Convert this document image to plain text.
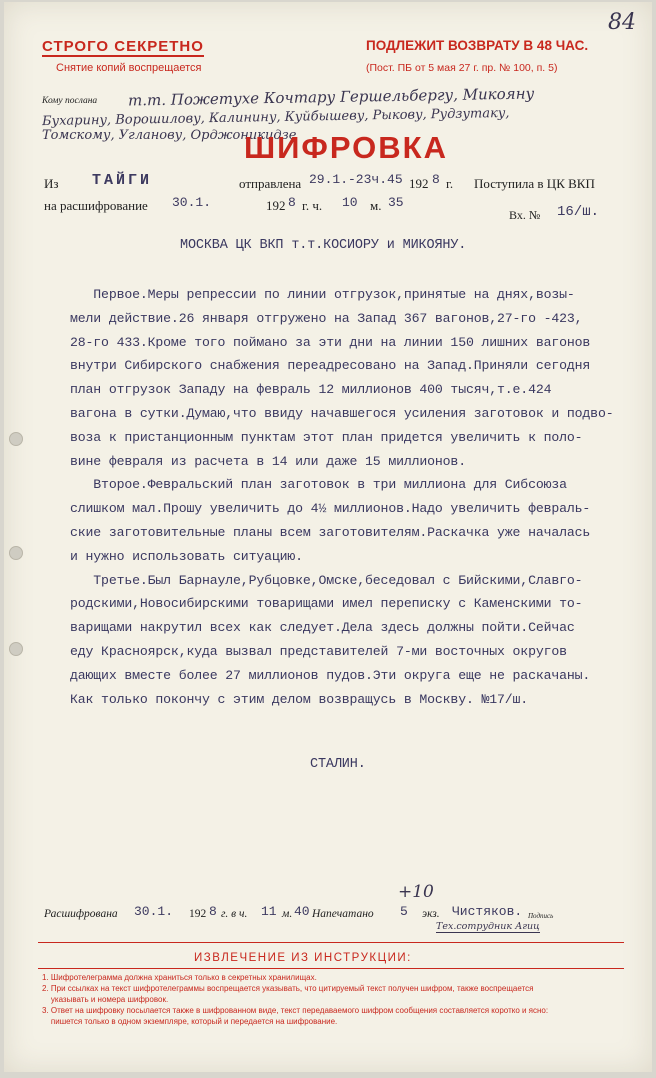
СТРОГО СЕКРЕТНО
Снятие копий воспрещается
ПОДЛЕЖИТ ВОЗВРАТУ В 48 ЧАС.
(Пост. ПБ от 5 мая 27 г. пр. № 100, п. 5)
84
Кому послана т.т. Пожетухе Кочтару Гершельбергу, Микояну
Бухарину, Ворошилову, Калинину, Куйбышеву, Рыкову, Рудзутаку,
Томскому, Угланову, Орджоникидзе
ШИФРОВКА
Из ТАЙГИ	отправлена 29.1.-23ч.45 192 8 г. Поступила в ЦК ВКП
на расшифрование 30.1.	192 8 г. ч. 10 м. 35
Вх. № 16/ш.
МОСКВА ЦК ВКП т.т.КОСИОРУ и МИКОЯНУ.
Первое.Меры репрессии по линии отгрузок,принятые на днях,возы-
мели действие.26 января отгружено на Запад 367 вагонов,27-го -423,
28-го 433.Кроме того поймано за эти дни на линии 150 лишних вагонов
внутри Сибирского снабжения переадресовано на Запад.Приняли сегодня
план отгрузок Западу на февраль 12 миллионов 400 тысяч,т.е.424
вагона в сутки.Думаю,что ввиду начавшегося усиления заготовок и подво-
воза к пристанционным пунктам этот план придется увеличить к поло-
вине февраля из расчета в 14 или даже 15 миллионов.
Второе.Февральский план заготовок в три миллиона для Сибсоюза
слишком мал.Прошу увеличить до 4½ миллионов.Надо увеличить феврaль-
ские заготовительные планы всем заготовителям.Раскачка уже началась
и нужно использовать ситуацию.
Третье.Был Барнауле,Рубцовке,Омске,беседовал с Бийскими,Славго-
родскими,Новосибирскими товарищами имел переписку с Каменскими то-
варищами накрутил всех как следует.Дела здесь должны пойти.Сейчас
еду Красноярск,куда вызвал представителей 7-ми восточных округов
дающих вместе более 27 миллионов пудов.Эти округа еще не раскачаны.
Как только покончу с этим делом возвращусь в Москву. №17/ш.
СТАЛИН.
Расшифрована 30.1. 192 8 г. в ч. 11 м. 40 Напечатано
+10
5 экз. Чистяков. Подпись
Тех.сотрудник Агиц
ИЗВЛЕЧЕНИЕ ИЗ ИНСТРУКЦИИ:
1. Шифротелеграмма должна храниться только в секретных хранилищах.
2. При ссылках на текст шифротелеграммы воспрещается указывать, что цитируемый текст получен шифром, также воспрещается
указывать и номера шифровок.
3. Ответ на шифровку посылается также в шифрованном виде, текст передаваемого шифром сообщения составляется коротко и ясно:
пишется только в одном экземпляре, который и передается на шифрование.
